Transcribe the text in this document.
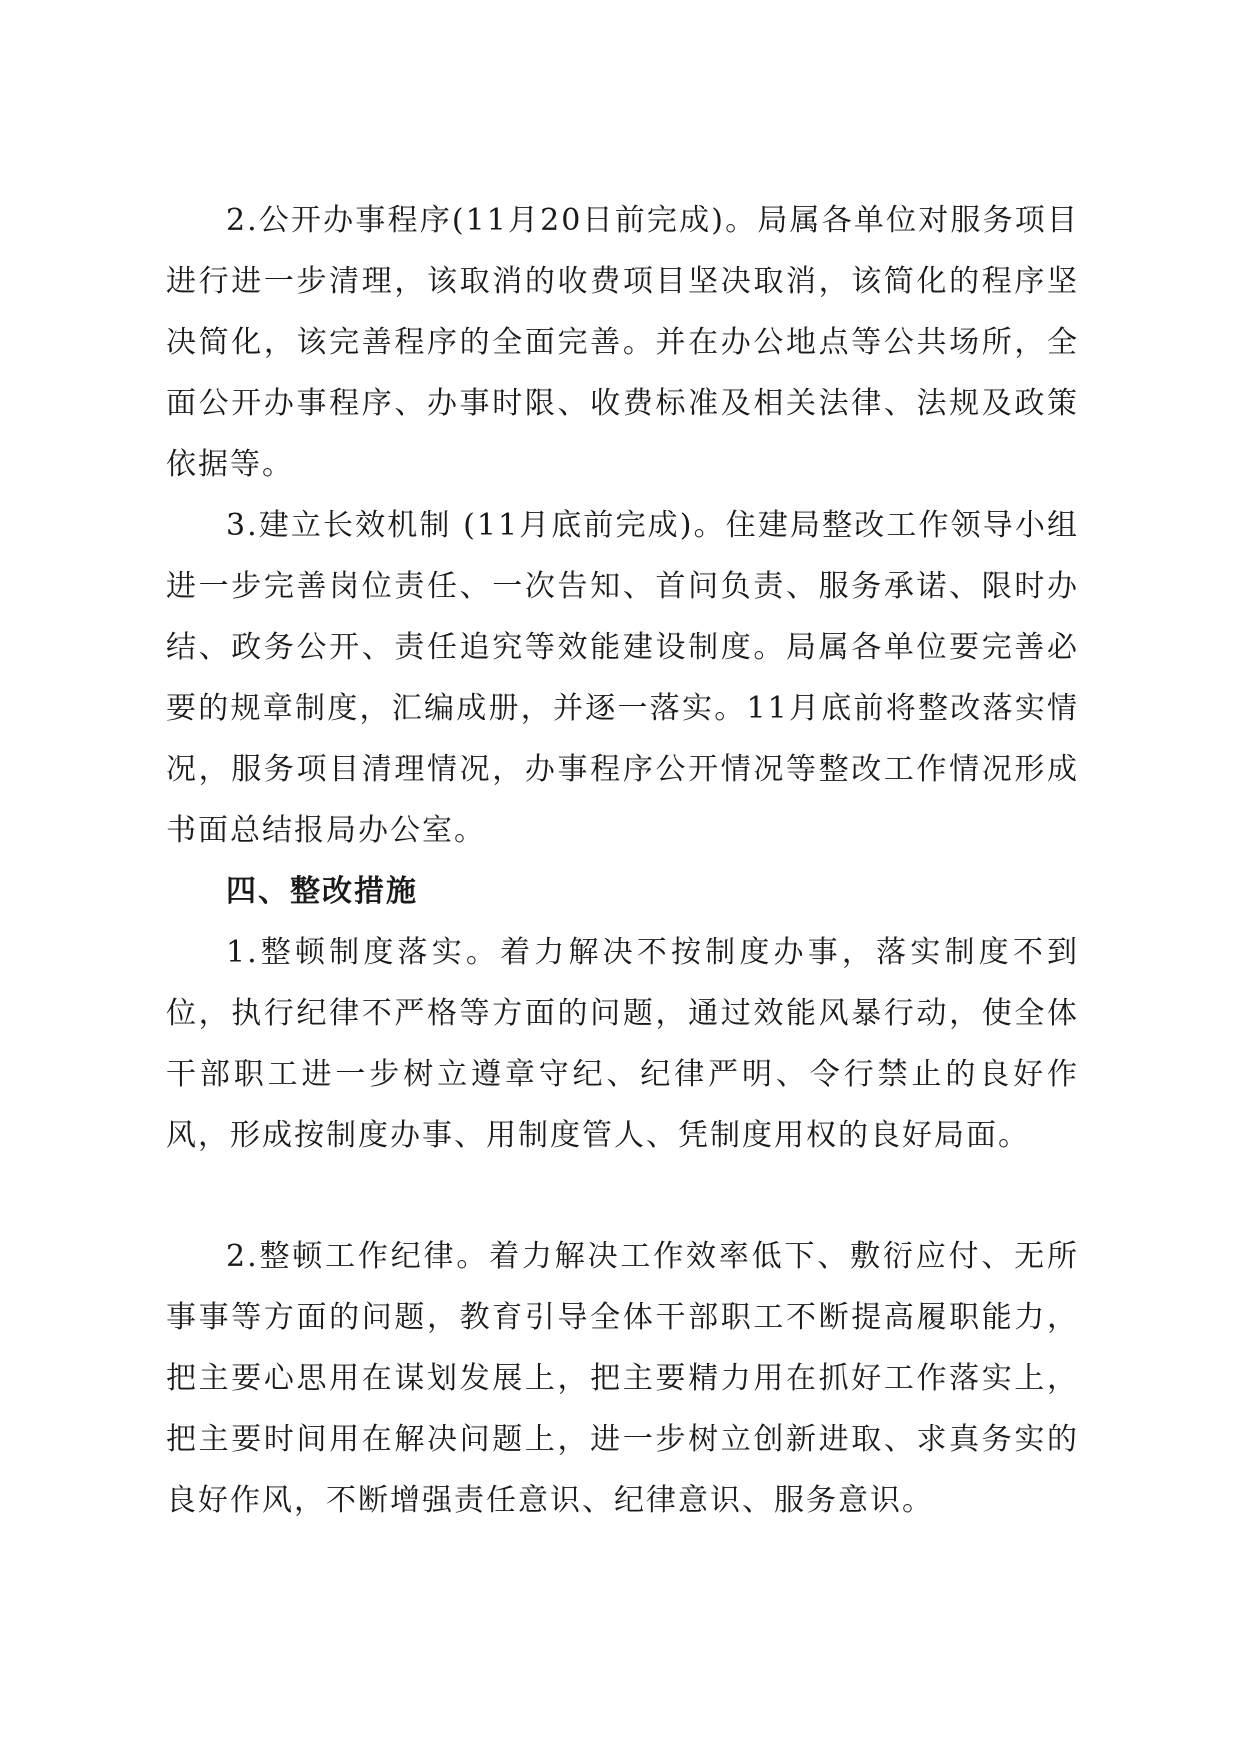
2.公开办事程序(11月20日前完成)。局属各单位对服务项目进行进一步清理，该取消的收费项目坚决取消，该简化的程序坚决简化，该完善程序的全面完善。并在办公地点等公共场所，全面公开办事程序、办事时限、收费标准及相关法律、法规及政策依据等。

3.建立长效机制 (11月底前完成)。住建局整改工作领导小组进一步完善岗位责任、一次告知、首问负责、服务承诺、限时办结、政务公开、责任追究等效能建设制度。局属各单位要完善必要的规章制度，汇编成册，并逐一落实。11月底前将整改落实情况，服务项目清理情况，办事程序公开情况等整改工作情况形成书面总结报局办公室。

四、整改措施

1.整顿制度落实。着力解决不按制度办事，落实制度不到位，执行纪律不严格等方面的问题，通过效能风暴行动，使全体干部职工进一步树立遵章守纪、纪律严明、令行禁止的良好作风，形成按制度办事、用制度管人、凭制度用权的良好局面。

2.整顿工作纪律。着力解决工作效率低下、敷衍应付、无所事事等方面的问题，教育引导全体干部职工不断提高履职能力，把主要心思用在谋划发展上，把主要精力用在抓好工作落实上，把主要时间用在解决问题上，进一步树立创新进取、求真务实的良好作风，不断增强责任意识、纪律意识、服务意识。
